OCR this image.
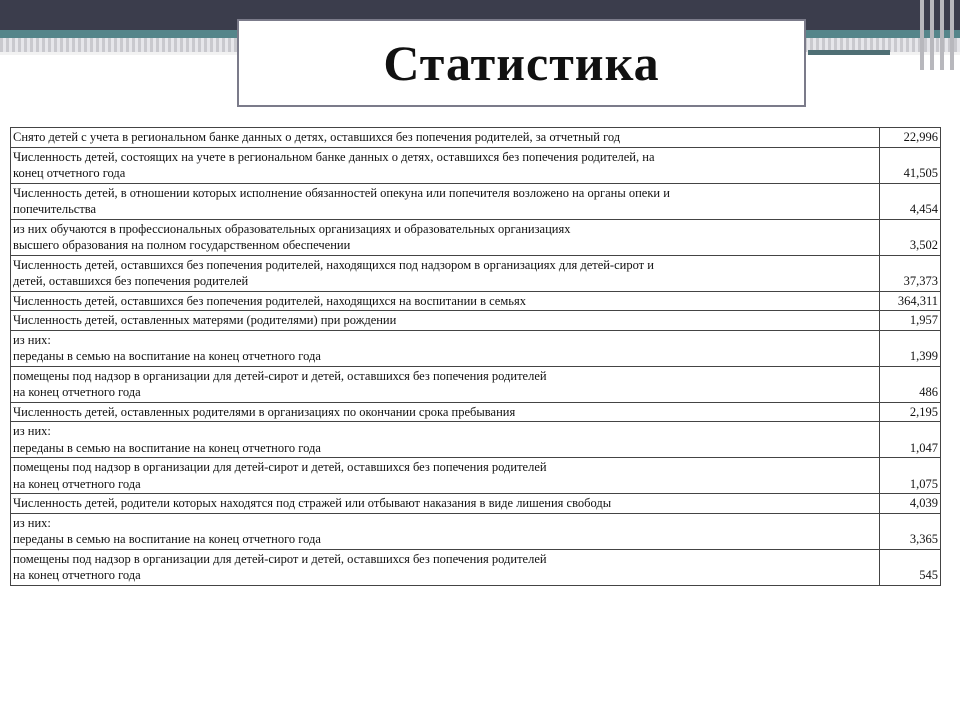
Статистика
Снято детей с учета в региональном банке данных о детях, оставшихся без попечения родителей, за отчетный год	22,996

Численность детей, состоящих на учете в региональном банке данных о детях, оставшихся без попечения родителей, на
конец отчетного года	41,505

Численность детей, в отношении которых исполнение обязанностей опекуна или попечителя возложено на органы опеки и
попечительства	4,454

из них обучаются в профессиональных образовательных организациях и образовательных организациях
высшего образования на полном государственном обеспечении	3,502

Численность детей, оставшихся без попечения родителей, находящихся под надзором в организациях для детей-сирот и
детей, оставшихся без попечения родителей	37,373

Численность детей, оставшихся без попечения родителей, находящихся на воспитании в семьях	364,311

Численность детей, оставленных матерями (родителями) при рождении	1,957

из них:
переданы в семью на воспитание на конец отчетного года	1,399

помещены под надзор в организации для детей-сирот и детей, оставшихся без попечения родителей
на конец отчетного года	486

Численность детей, оставленных родителями в организациях по окончании срока пребывания	2,195

из них:
переданы в семью на воспитание на конец отчетного года	1,047

помещены под надзор в организации для детей-сирот и детей, оставшихся без попечения родителей
на конец отчетного года	1,075

Численность детей, родители которых находятся под стражей или отбывают наказания в виде лишения свободы	4,039

из них:
переданы в семью на воспитание на конец отчетного года	3,365

помещены под надзор в организации для детей-сирот и детей, оставшихся без попечения родителей
на конец отчетного года	545
